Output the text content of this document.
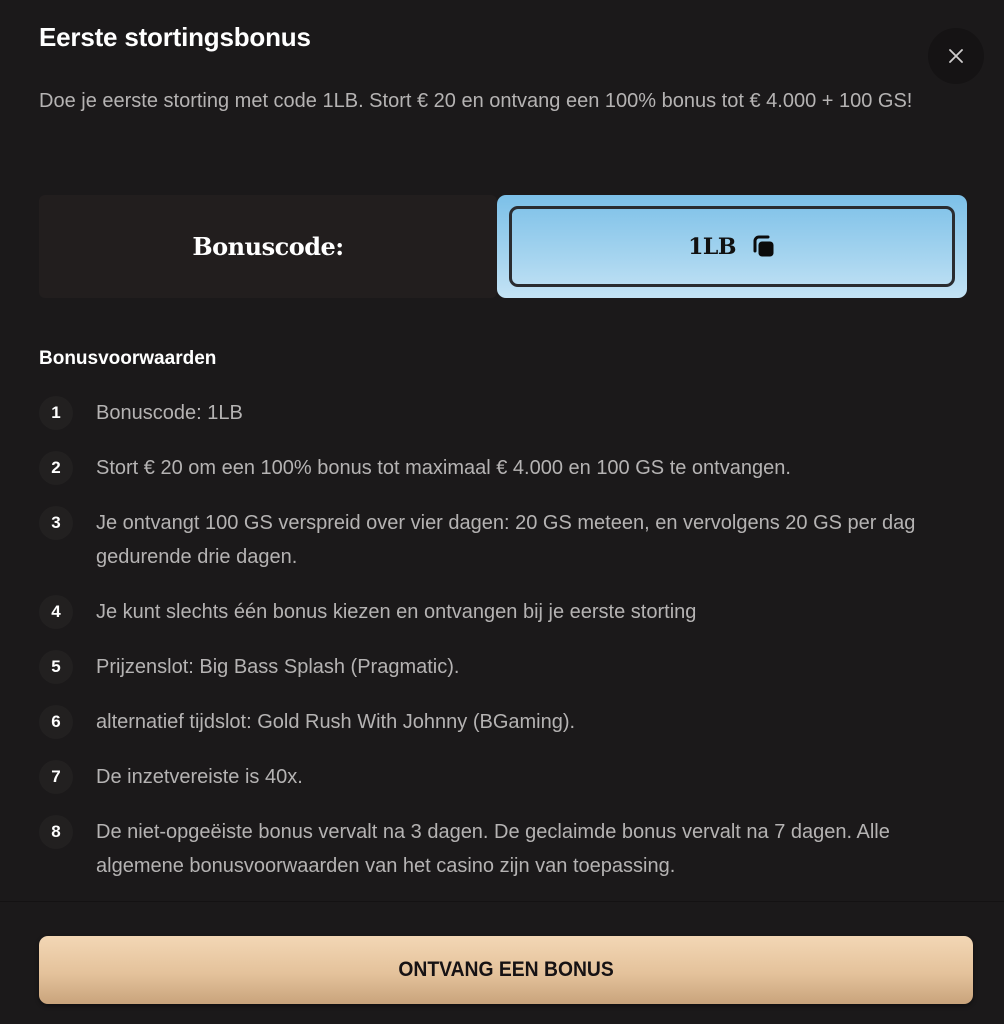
Eerste stortingsbonus

Doe je eerste storting met code 1LB. Stort € 20 en ontvang een 100% bonus tot € 4.000 + 100 GS!

Bonuscode:	1LB
Bonusvoorwaarden
1	Bonuscode: 1LB
2	Stort € 20 om een 100% bonus tot maximaal € 4.000 en 100 GS te ontvangen.
3	Je ontvangt 100 GS verspreid over vier dagen: 20 GS meteen, en vervolgens 20 GS per dag gedurende drie dagen.
4	Je kunt slechts één bonus kiezen en ontvangen bij je eerste storting
5	Prijzenslot: Big Bass Splash (Pragmatic).
6	alternatief tijdslot: Gold Rush With Johnny (BGaming).
7	De inzetvereiste is 40x.
8	De niet-opgeëiste bonus vervalt na 3 dagen. De geclaimde bonus vervalt na 7 dagen. Alle algemene bonusvoorwaarden van het casino zijn van toepassing.
ONTVANG EEN BONUS
